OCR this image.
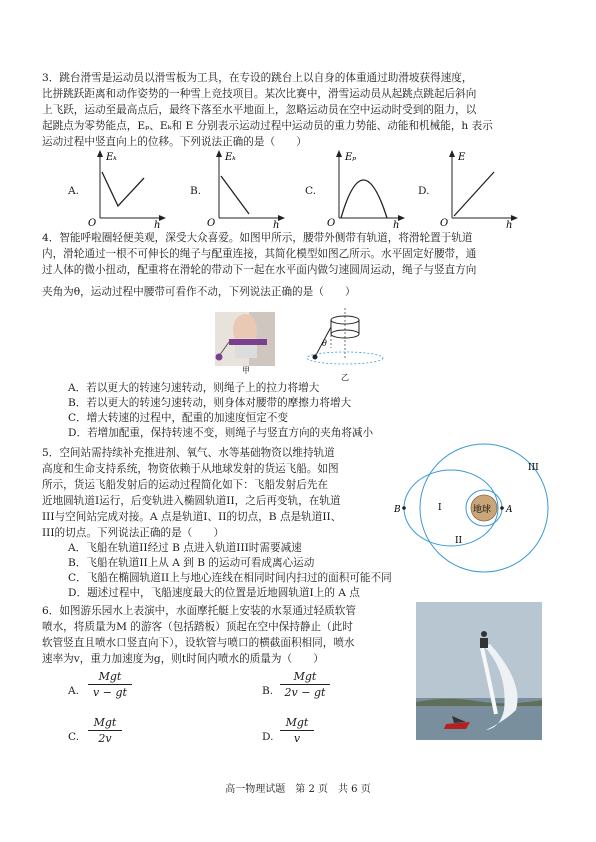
3．跳台滑雪是运动员以滑雪板为工具，在专设的跳台上以自身的体重通过助滑坡获得速度，
比拼跳跃距离和动作姿势的一种雪上竞技项目。某次比赛中，滑雪运动员从起跳点跳起后斜向
上飞跃，运动至最高点后，最终下落至水平地面上，忽略运动员在空中运动时受到的阻力，以
起跳点为零势能点，Eₚ、Eₖ和 E 分别表示运动过程中运动员的重力势能、动能和机械能，h 表示
运动过程中竖直向上的位移。下列说法正确的是（　　）
A.
Eₖ
O	h
B.
Eₖ
O	h
C.
Eₚ
O	h
D.
E
O	h
4．智能呼啦圈轻便美观，深受大众喜爱。如图甲所示，腰带外侧带有轨道，将滑轮置于轨道
内，滑轮通过一根不可伸长的绳子与配重连接，其简化模型如图乙所示。水平固定好腰带，通
过人体的微小扭动，配重将在滑轮的带动下一起在水平面内做匀速圆周运动，绳子与竖直方向
夹角为θ，运动过程中腰带可看作不动，下列说法正确的是（　　）
甲
θ
乙
A．若以更大的转速匀速转动，则绳子上的拉力将增大
B．若以更大的转速匀速转动，则身体对腰带的摩擦力将增大
C．增大转速的过程中，配重的加速度恒定不变
D．若增加配重，保持转速不变，则绳子与竖直方向的夹角将减小
5．空间站需持续补充推进剂、氧气、水等基础物资以维持轨道
高度和生命支持系统，物资依赖于从地球发射的货运飞船。如图
所示，货运飞船发射后的运动过程简化如下：飞船发射后先在
近地圆轨道I运行，后变轨进入椭圆轨道II，之后再变轨，在轨道
III与空间站完成对接。A 点是轨道I、II的切点，B 点是轨道II、
III的切点。下列说法正确的是（　　）
地球
B	A
I
II
III
A．飞船在轨道II经过 B 点进入轨道III时需要减速
B．飞船在轨道II上从 A 到 B 的运动可看成离心运动
C．飞船在椭圆轨道II上与地心连线在相同时间内扫过的面积可能不同
D．题述过程中，飞船速度最大的位置是近地圆轨道I上的 A 点
6．如图游乐园水上表演中，水面摩托艇上安装的水泵通过轻质软管
喷水，将质量为M 的游客（包括踏板）顶起在空中保持静止（此时
软管竖直且喷水口竖直向下），设软管与喷口的横截面积相同，喷水
速率为v，重力加速度为g，则t时间内喷水的质量为（　　）
A.
Mgt
v − gt	B.
Mgt
2v − gt
C.
Mgt
2v	D.
Mgt
v
高一物理试题　第 2 页　共 6 页
